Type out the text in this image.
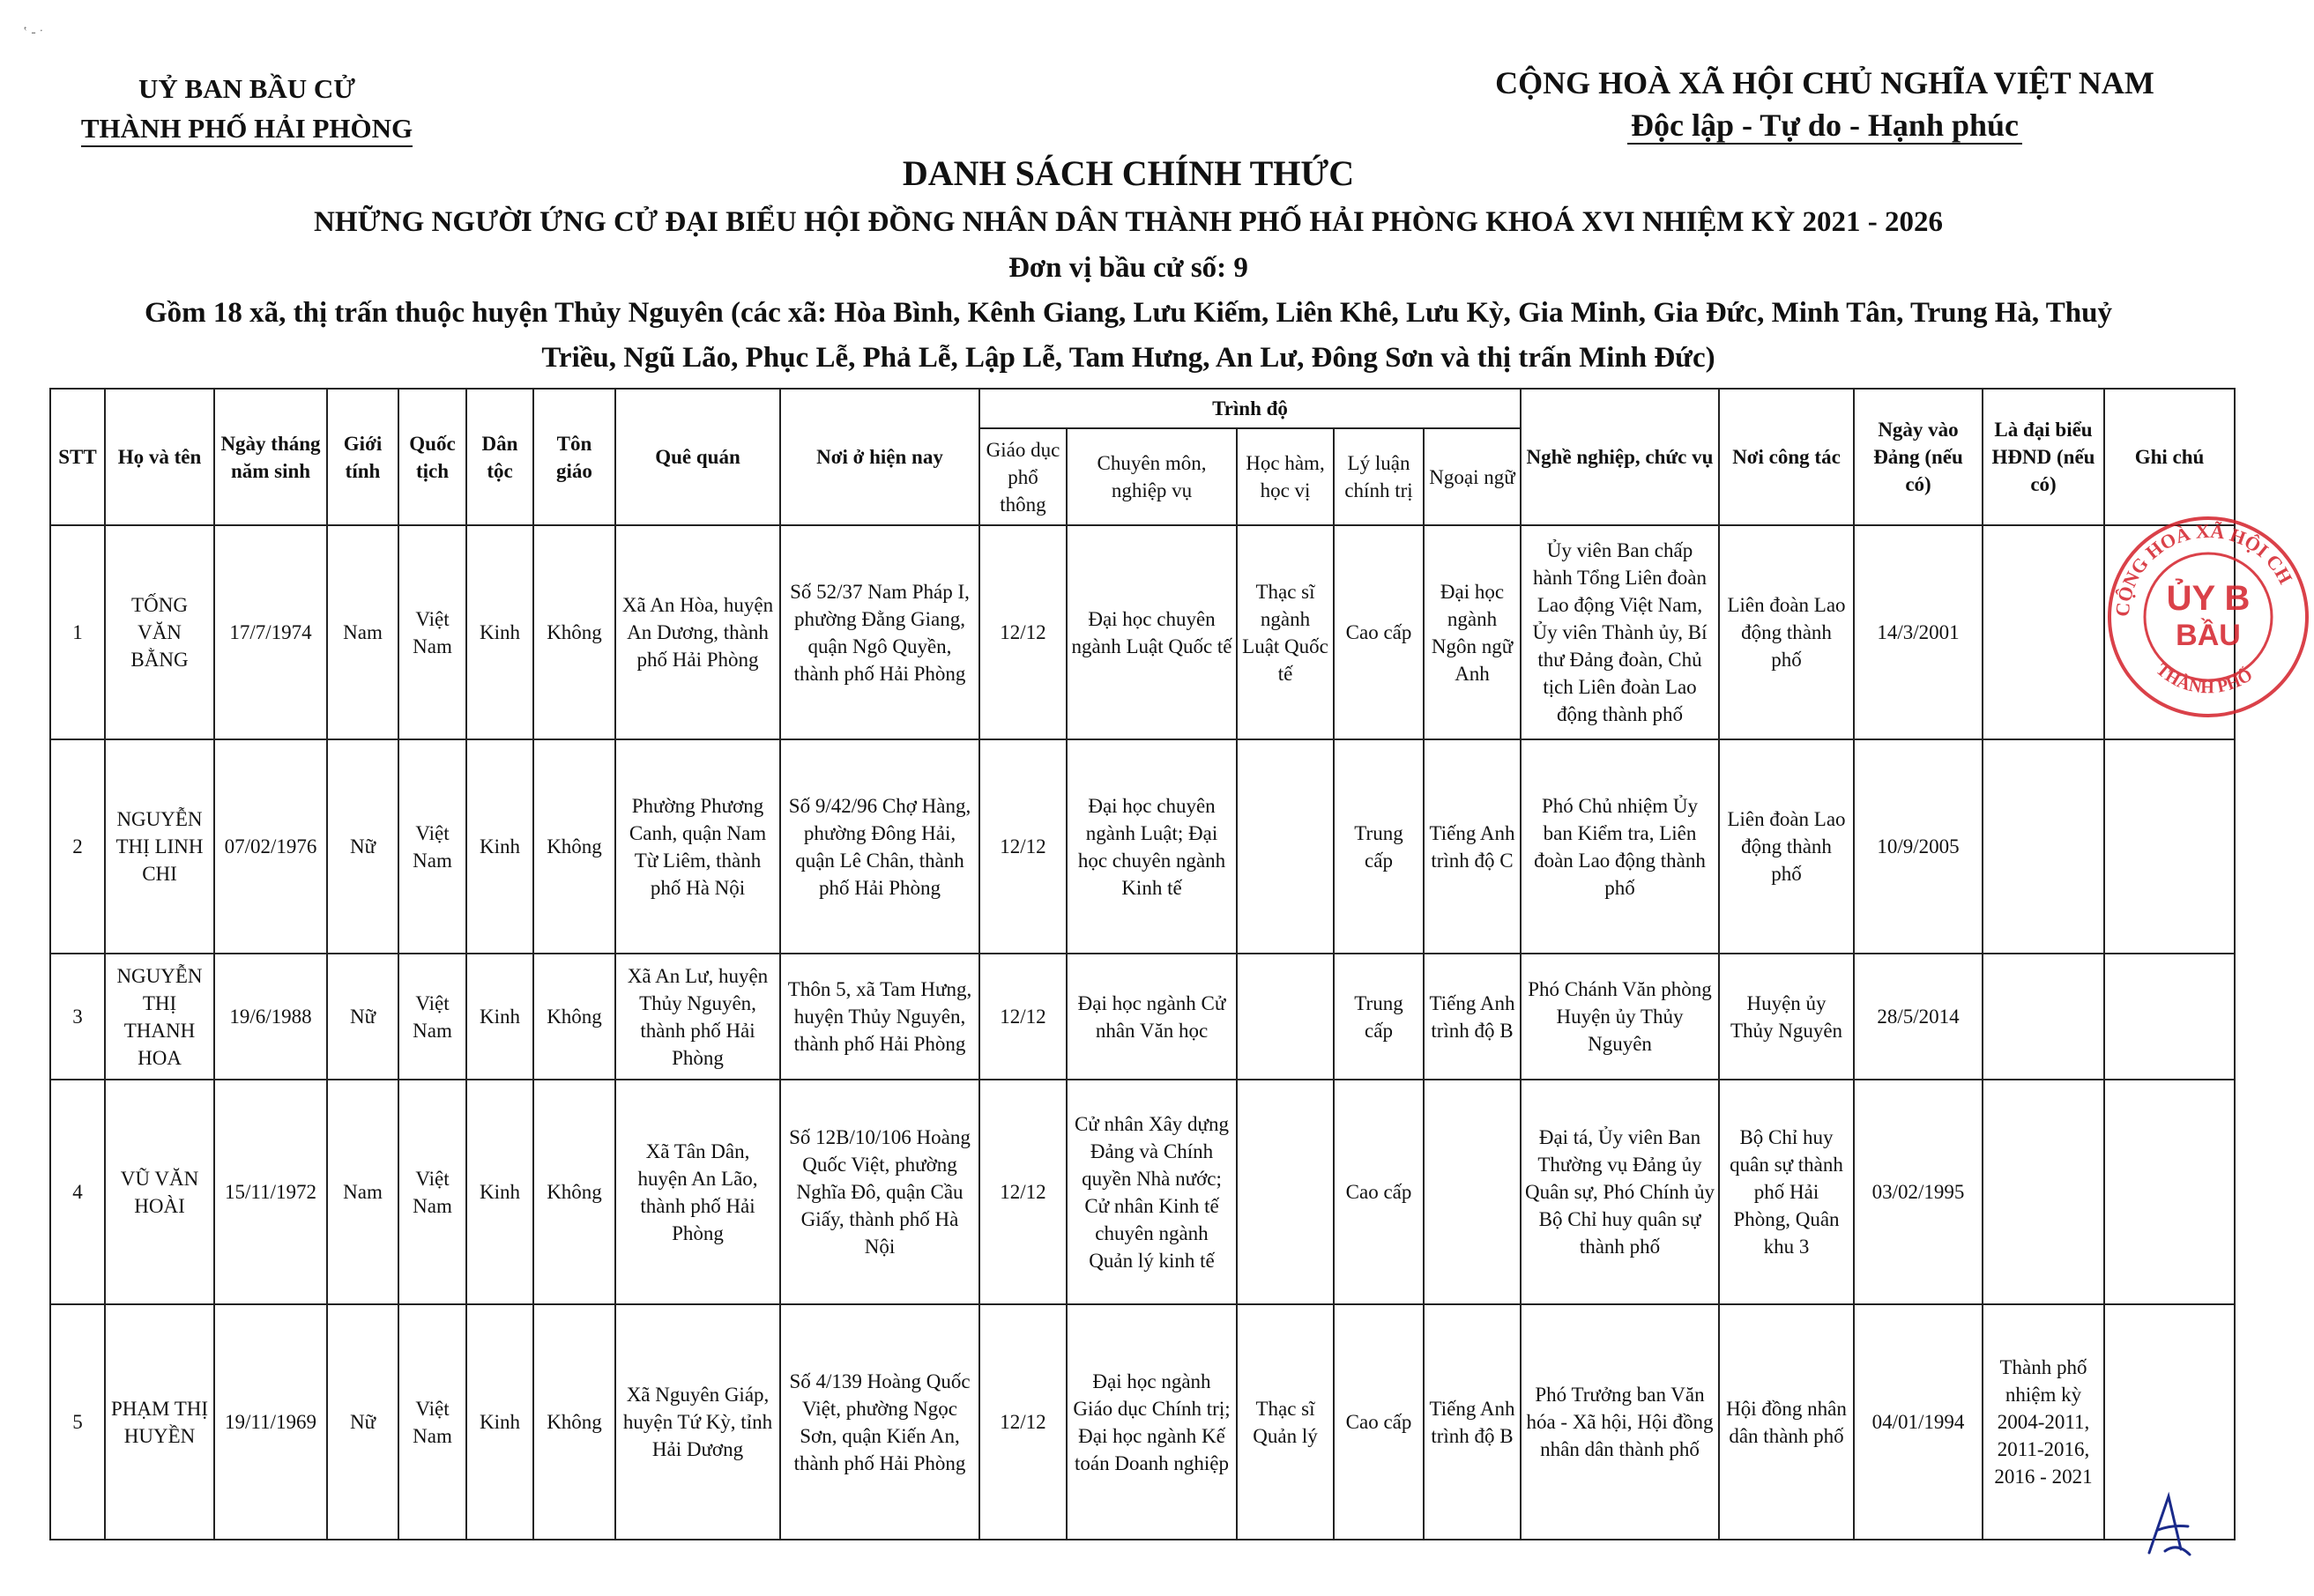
ʽ - ˑ
UỶ BAN BẦU CỬ
THÀNH PHỐ HẢI PHÒNG
CỘNG HOÀ XÃ HỘI CHỦ NGHĨA VIỆT NAM
Độc lập - Tự do - Hạnh phúc
DANH SÁCH CHÍNH THỨC
NHỮNG NGƯỜI ỨNG CỬ ĐẠI BIỂU HỘI ĐỒNG NHÂN DÂN THÀNH PHỐ HẢI PHÒNG KHOÁ XVI NHIỆM KỲ 2021 - 2026
Đơn vị bầu cử số: 9
Gồm 18 xã, thị trấn thuộc huyện Thủy Nguyên (các xã: Hòa Bình, Kênh Giang, Lưu Kiếm, Liên Khê, Lưu Kỳ, Gia Minh, Gia Đức, Minh Tân, Trung Hà, Thuỷ Triều, Ngũ Lão, Phục Lễ, Phả Lễ, Lập Lễ, Tam Hưng, An Lư, Đông Sơn và thị trấn Minh Đức)
STT	Họ và tên	Ngày tháng năm sinh	Giới tính	Quốc tịch	Dân tộc	Tôn giáo	Quê quán	Nơi ở hiện nay	Trình độ					Nghề nghiệp, chức vụ	Nơi công tác	Ngày vào Đảng (nếu có)	Là đại biểu HĐND (nếu có)	Ghi chú
									Giáo dục phổ thông	Chuyên môn, nghiệp vụ	Học hàm, học vị	Lý luận chính trị	Ngoại ngữ					
1	TỐNG VĂN BẰNG	17/7/1974	Nam	Việt Nam	Kinh	Không	Xã An Hòa, huyện An Dương, thành phố Hải Phòng	Số 52/37 Nam Pháp I, phường Đằng Giang, quận Ngô Quyền, thành phố Hải Phòng	12/12	Đại học chuyên ngành Luật Quốc tế	Thạc sĩ ngành Luật Quốc tế	Cao cấp	Đại học ngành Ngôn ngữ Anh	Ủy viên Ban chấp hành Tổng Liên đoàn Lao động Việt Nam, Ủy viên Thành ủy, Bí thư Đảng đoàn, Chủ tịch Liên đoàn Lao động thành phố	Liên đoàn Lao động thành phố	14/3/2001		
2	NGUYỄN THỊ LINH CHI	07/02/1976	Nữ	Việt Nam	Kinh	Không	Phường Phương Canh, quận Nam Từ Liêm, thành phố Hà Nội	Số 9/42/96 Chợ Hàng, phường Đông Hải, quận Lê Chân, thành phố Hải Phòng	12/12	Đại học chuyên ngành Luật; Đại học chuyên ngành Kinh tế		Trung cấp	Tiếng Anh trình độ C	Phó Chủ nhiệm Ủy ban Kiểm tra, Liên đoàn Lao động thành phố	Liên đoàn Lao động thành phố	10/9/2005		
3	NGUYỄN THỊ THANH HOA	19/6/1988	Nữ	Việt Nam	Kinh	Không	Xã An Lư, huyện Thủy Nguyên, thành phố Hải Phòng	Thôn 5, xã Tam Hưng, huyện Thủy Nguyên, thành phố Hải Phòng	12/12	Đại học ngành Cử nhân Văn học		Trung cấp	Tiếng Anh trình độ B	Phó Chánh Văn phòng Huyện ủy Thủy Nguyên	Huyện ủy Thủy Nguyên	28/5/2014		
4	VŨ VĂN HOÀI	15/11/1972	Nam	Việt Nam	Kinh	Không	Xã Tân Dân, huyện An Lão, thành phố Hải Phòng	Số 12B/10/106 Hoàng Quốc Việt, phường Nghĩa Đô, quận Cầu Giấy, thành phố Hà Nội	12/12	Cử nhân Xây dựng Đảng và Chính quyền Nhà nước; Cử nhân Kinh tế chuyên ngành Quản lý kinh tế		Cao cấp		Đại tá, Ủy viên Ban Thường vụ Đảng ủy Quân sự, Phó Chính ủy Bộ Chỉ huy quân sự thành phố	Bộ Chỉ huy quân sự thành phố Hải Phòng, Quân khu 3	03/02/1995		
5	PHẠM THỊ HUYỀN	19/11/1969	Nữ	Việt Nam	Kinh	Không	Xã Nguyên Giáp, huyện Tứ Kỳ, tỉnh Hải Dương	Số 4/139 Hoàng Quốc Việt, phường Ngọc Sơn, quận Kiến An, thành phố Hải Phòng	12/12	Đại học ngành Giáo dục Chính trị; Đại học ngành Kế toán Doanh nghiệp	Thạc sĩ Quản lý	Cao cấp	Tiếng Anh trình độ B	Phó Trưởng ban Văn hóa - Xã hội, Hội đồng nhân dân thành phố	Hội đồng nhân dân thành phố	04/01/1994	Thành phố nhiệm kỳ 2004-2011, 2011-2016, 2016 - 2021	
CỘNG HOÀ XÃ HỘI CH
THÀNH PHỐ
ỦY B
BẦU
